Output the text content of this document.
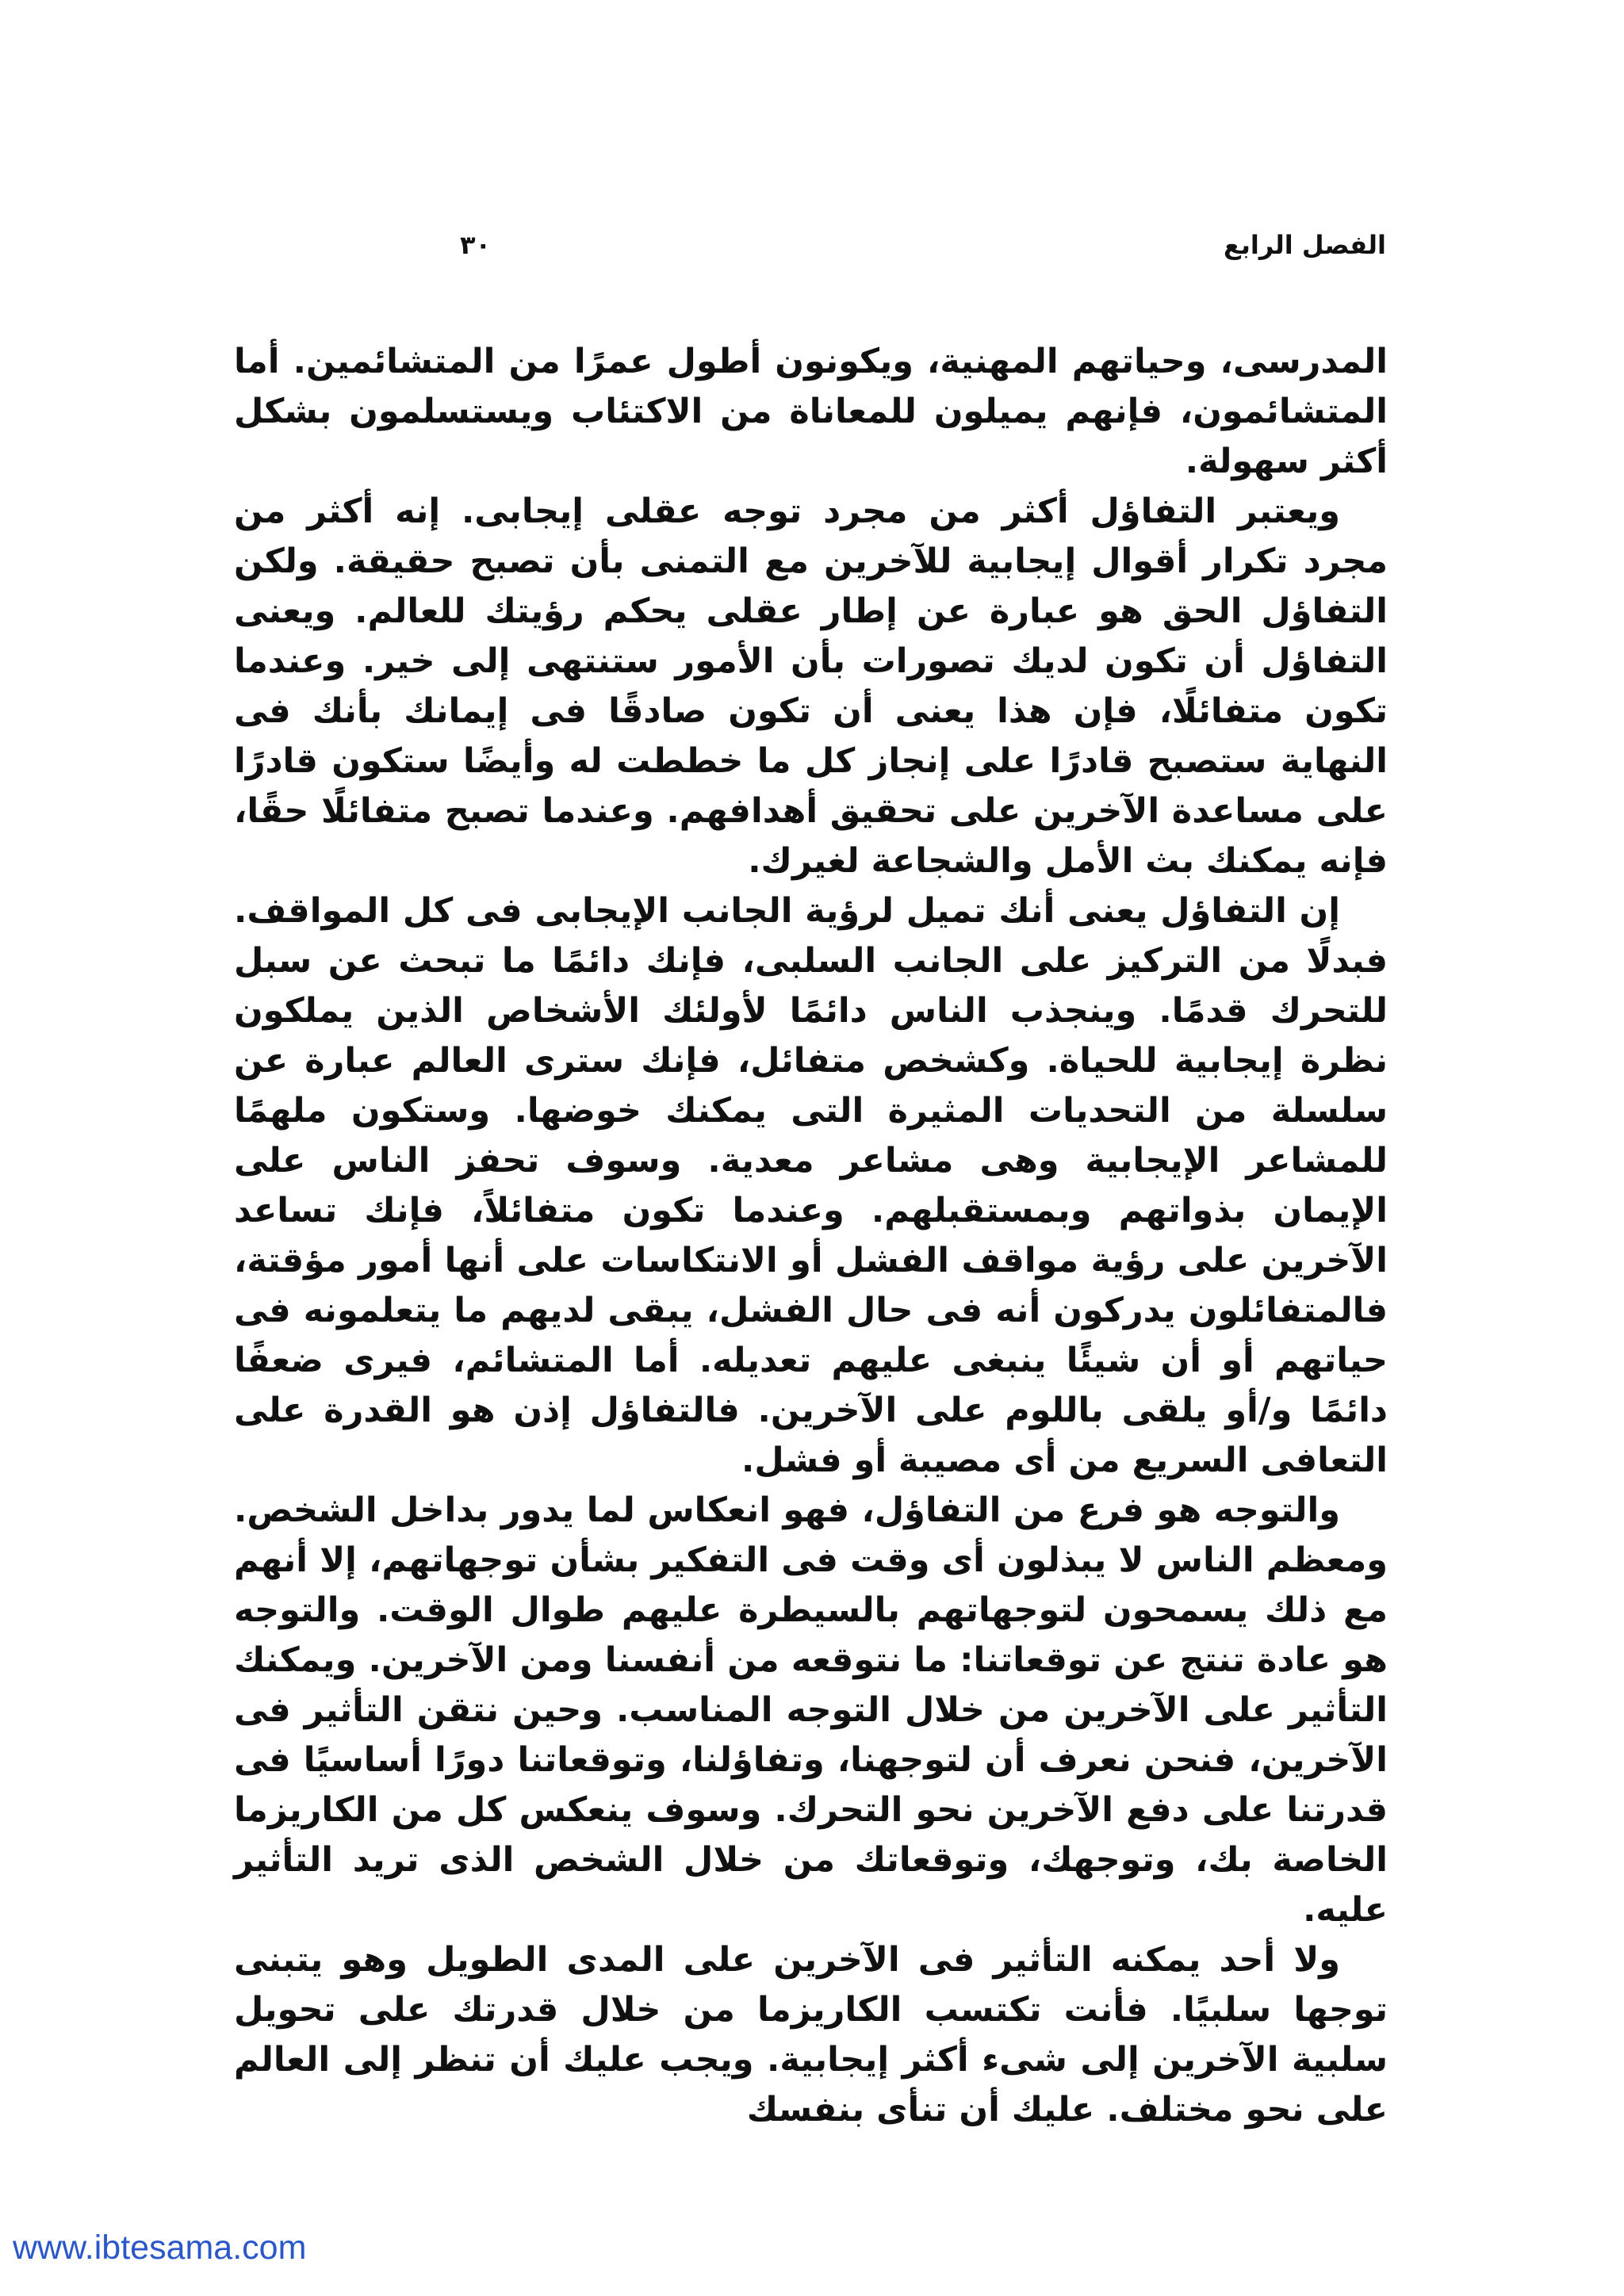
٣٠	الفصل الرابع

المدرسى، وحياتهم المهنية، ويكونون أطول عمرًا من المتشائمين. أما المتشائمون، فإنهم يميلون للمعاناة من الاكتئاب ويستسلمون بشكل أكثر سهولة.

ويعتبر التفاؤل أكثر من مجرد توجه عقلى إيجابى. إنه أكثر من مجرد تكرار أقوال إيجابية للآخرين مع التمنى بأن تصبح حقيقة. ولكن التفاؤل الحق هو عبارة عن إطار عقلى يحكم رؤيتك للعالم. ويعنى التفاؤل أن تكون لديك تصورات بأن الأمور ستنتهى إلى خير. وعندما تكون متفائلًا، فإن هذا يعنى أن تكون صادقًا فى إيمانك بأنك فى النهاية ستصبح قادرًا على إنجاز كل ما خططت له وأيضًا ستكون قادرًا على مساعدة الآخرين على تحقيق أهدافهم. وعندما تصبح متفائلًا حقًا، فإنه يمكنك بث الأمل والشجاعة لغيرك.

إن التفاؤل يعنى أنك تميل لرؤية الجانب الإيجابى فى كل المواقف. فبدلًا من التركيز على الجانب السلبى، فإنك دائمًا ما تبحث عن سبل للتحرك قدمًا. وينجذب الناس دائمًا لأولئك الأشخاص الذين يملكون نظرة إيجابية للحياة. وكشخص متفائل، فإنك سترى العالم عبارة عن سلسلة من التحديات المثيرة التى يمكنك خوضها. وستكون ملهمًا للمشاعر الإيجابية وهى مشاعر معدية. وسوف تحفز الناس على الإيمان بذواتهم وبمستقبلهم. وعندما تكون متفائلاً، فإنك تساعد الآخرين على رؤية مواقف الفشل أو الانتكاسات على أنها أمور مؤقتة، فالمتفائلون يدركون أنه فى حال الفشل، يبقى لديهم ما يتعلمونه فى حياتهم أو أن شيئًا ينبغى عليهم تعديله. أما المتشائم، فيرى ضعفًا دائمًا و/أو يلقى باللوم على الآخرين. فالتفاؤل إذن هو القدرة على التعافى السريع من أى مصيبة أو فشل.

والتوجه هو فرع من التفاؤل، فهو انعكاس لما يدور بداخل الشخص. ومعظم الناس لا يبذلون أى وقت فى التفكير بشأن توجهاتهم، إلا أنهم مع ذلك يسمحون لتوجهاتهم بالسيطرة عليهم طوال الوقت. والتوجه هو عادة تنتج عن توقعاتنا: ما نتوقعه من أنفسنا ومن الآخرين. ويمكنك التأثير على الآخرين من خلال التوجه المناسب. وحين نتقن التأثير فى الآخرين، فنحن نعرف أن لتوجهنا، وتفاؤلنا، وتوقعاتنا دورًا أساسيًا فى قدرتنا على دفع الآخرين نحو التحرك. وسوف ينعكس كل من الكاريزما الخاصة بك، وتوجهك، وتوقعاتك من خلال الشخص الذى تريد التأثير عليه.

ولا أحد يمكنه التأثير فى الآخرين على المدى الطويل وهو يتبنى توجها سلبيًا. فأنت تكتسب الكاريزما من خلال قدرتك على تحويل سلبية الآخرين إلى شىء أكثر إيجابية. ويجب عليك أن تنظر إلى العالم على نحو مختلف. عليك أن تنأى بنفسك

www.ibtesama.com
